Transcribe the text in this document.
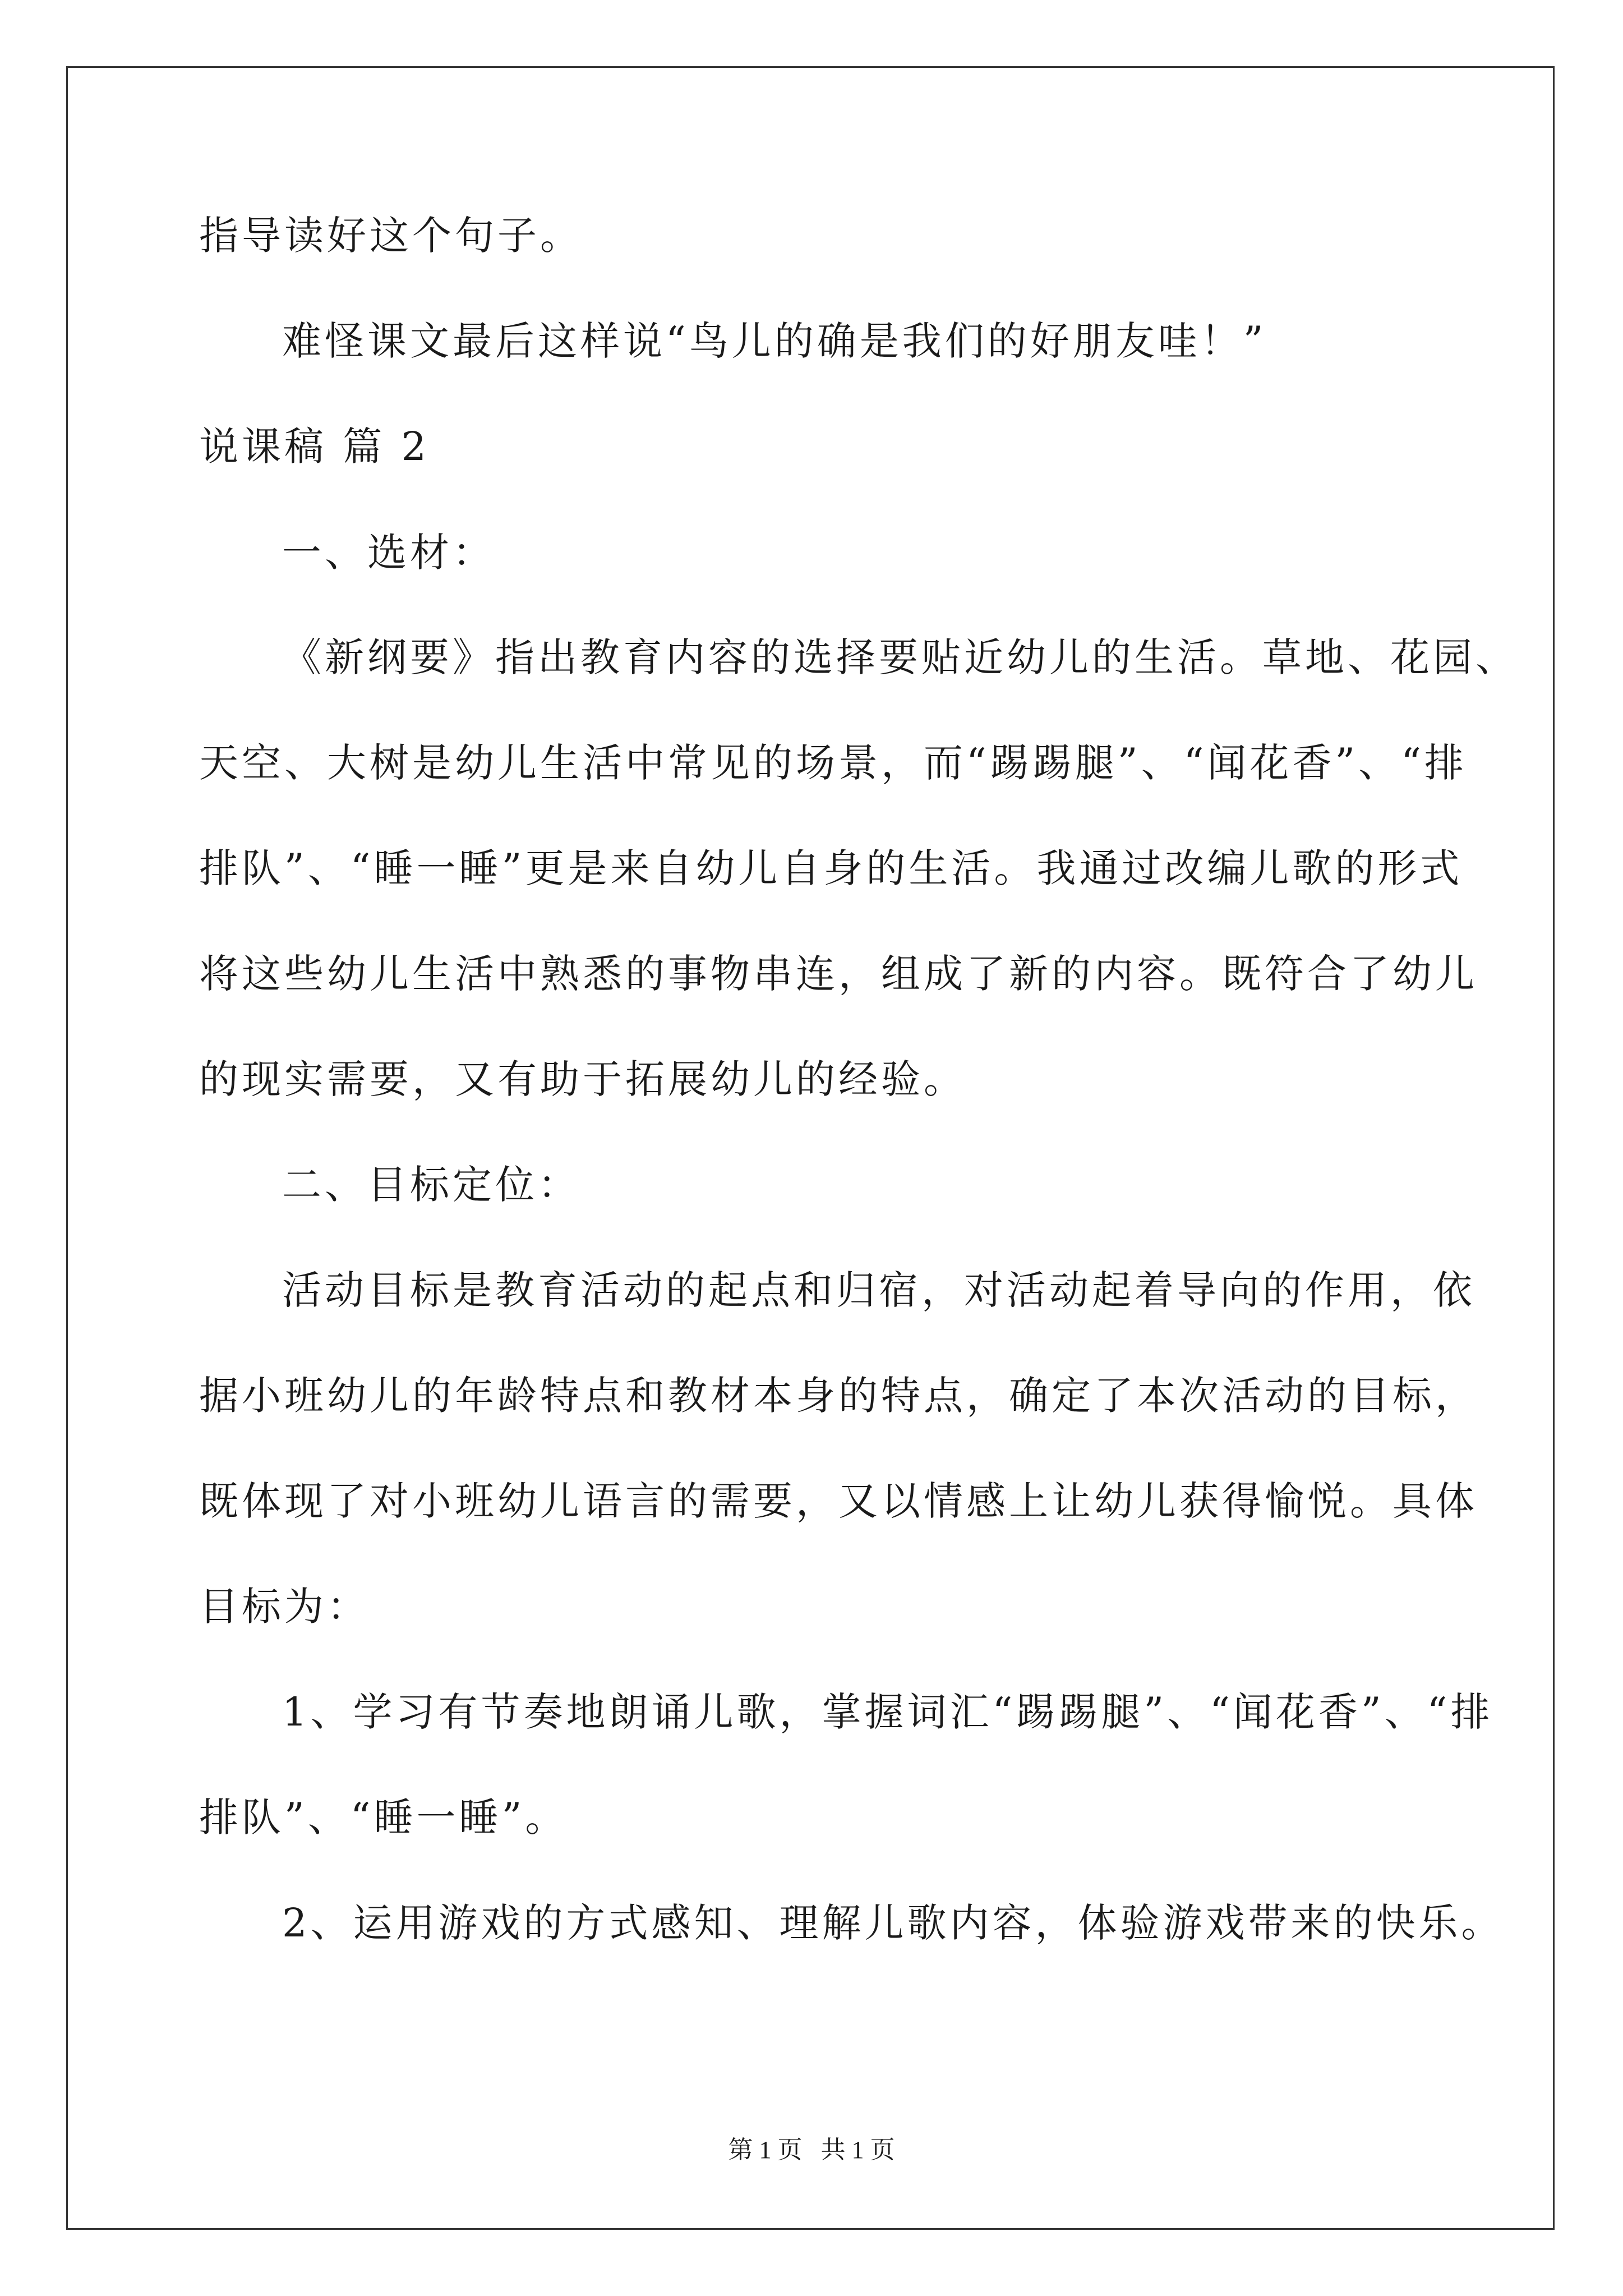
指导读好这个句子。
难怪课文最后这样说“鸟儿的确是我们的好朋友哇！”
说课稿 篇 2
一、选材：
《新纲要》指出教育内容的选择要贴近幼儿的生活。草地、花园、
天空、大树是幼儿生活中常见的场景，而“踢踢腿”、“闻花香”、“排
排队”、“睡一睡”更是来自幼儿自身的生活。我通过改编儿歌的形式
将这些幼儿生活中熟悉的事物串连，组成了新的内容。既符合了幼儿
的现实需要，又有助于拓展幼儿的经验。
二、目标定位：
活动目标是教育活动的起点和归宿，对活动起着导向的作用，依
据小班幼儿的年龄特点和教材本身的特点，确定了本次活动的目标，
既体现了对小班幼儿语言的需要，又以情感上让幼儿获得愉悦。具体
目标为：
1、学习有节奏地朗诵儿歌，掌握词汇“踢踢腿”、“闻花香”、“排
排队”、“睡一睡”。
2、运用游戏的方式感知、理解儿歌内容，体验游戏带来的快乐。
第 1 页   共 1 页
